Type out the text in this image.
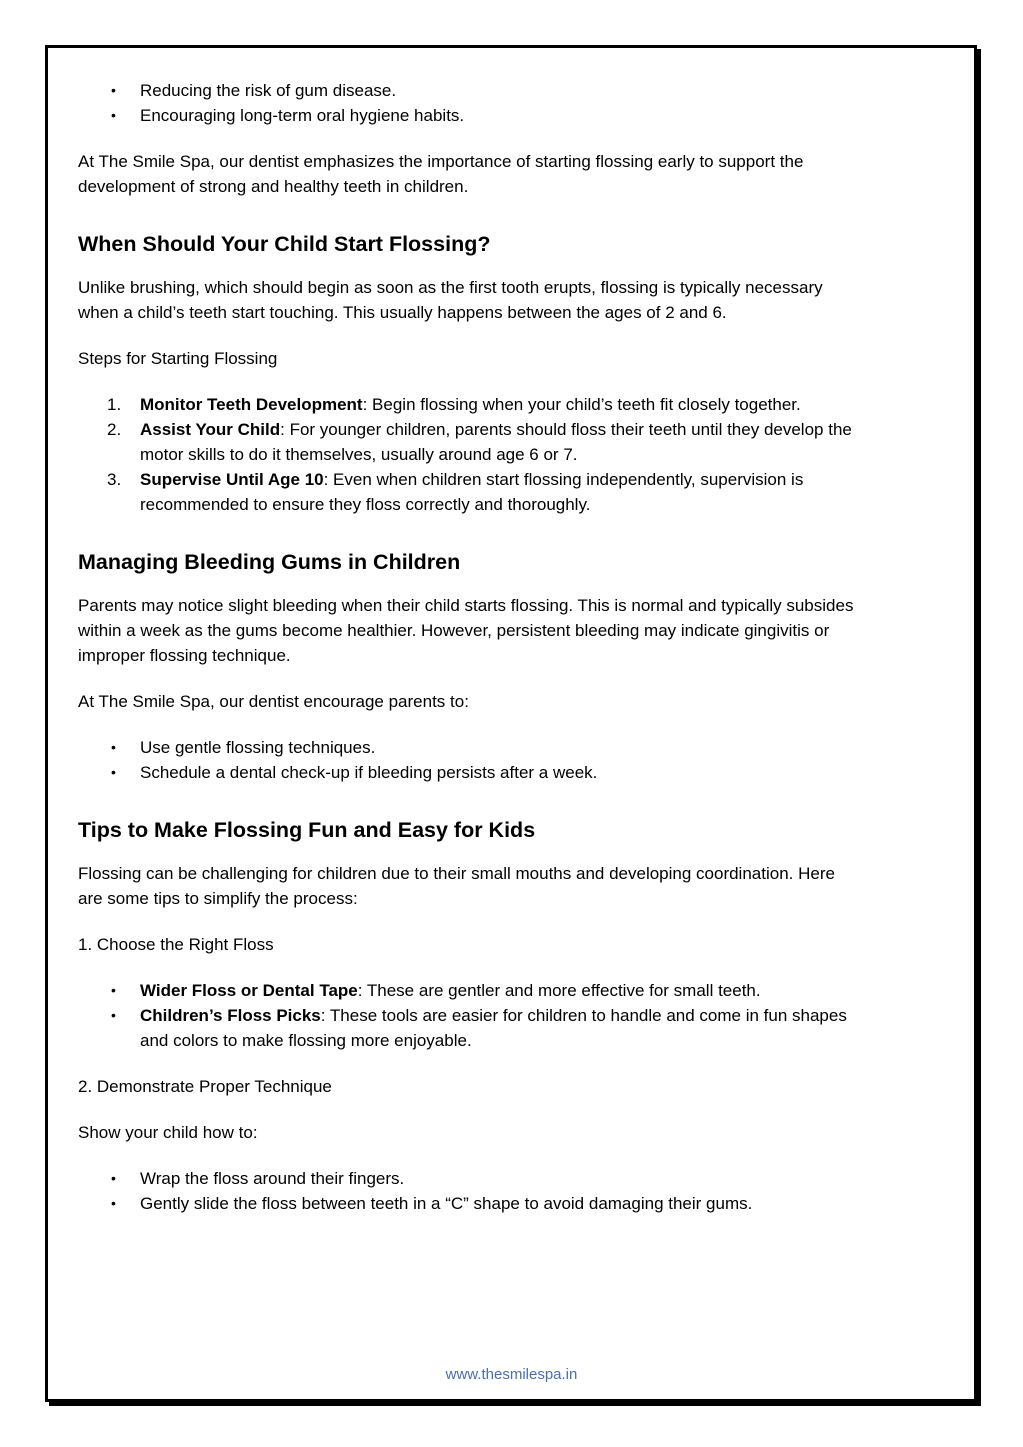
• Reducing the risk of gum disease.
• Encouraging long-term oral hygiene habits.

At The Smile Spa, our dentist emphasizes the importance of starting flossing early to support the development of strong and healthy teeth in children.

When Should Your Child Start Flossing?

Unlike brushing, which should begin as soon as the first tooth erupts, flossing is typically necessary when a child’s teeth start touching. This usually happens between the ages of 2 and 6.

Steps for Starting Flossing

1. Monitor Teeth Development: Begin flossing when your child’s teeth fit closely together.
2. Assist Your Child: For younger children, parents should floss their teeth until they develop the motor skills to do it themselves, usually around age 6 or 7.
3. Supervise Until Age 10: Even when children start flossing independently, supervision is recommended to ensure they floss correctly and thoroughly.
Managing Bleeding Gums in Children

Parents may notice slight bleeding when their child starts flossing. This is normal and typically subsides within a week as the gums become healthier. However, persistent bleeding may indicate gingivitis or improper flossing technique.

At The Smile Spa, our dentist encourage parents to:

• Use gentle flossing techniques.
• Schedule a dental check-up if bleeding persists after a week.
Tips to Make Flossing Fun and Easy for Kids

Flossing can be challenging for children due to their small mouths and developing coordination. Here are some tips to simplify the process:

1. Choose the Right Floss

• Wider Floss or Dental Tape: These are gentler and more effective for small teeth.
• Children’s Floss Picks: These tools are easier for children to handle and come in fun shapes and colors to make flossing more enjoyable.

2. Demonstrate Proper Technique

Show your child how to:

• Wrap the floss around their fingers.
• Gently slide the floss between teeth in a “C” shape to avoid damaging their gums.
www.thesmilespa.in
